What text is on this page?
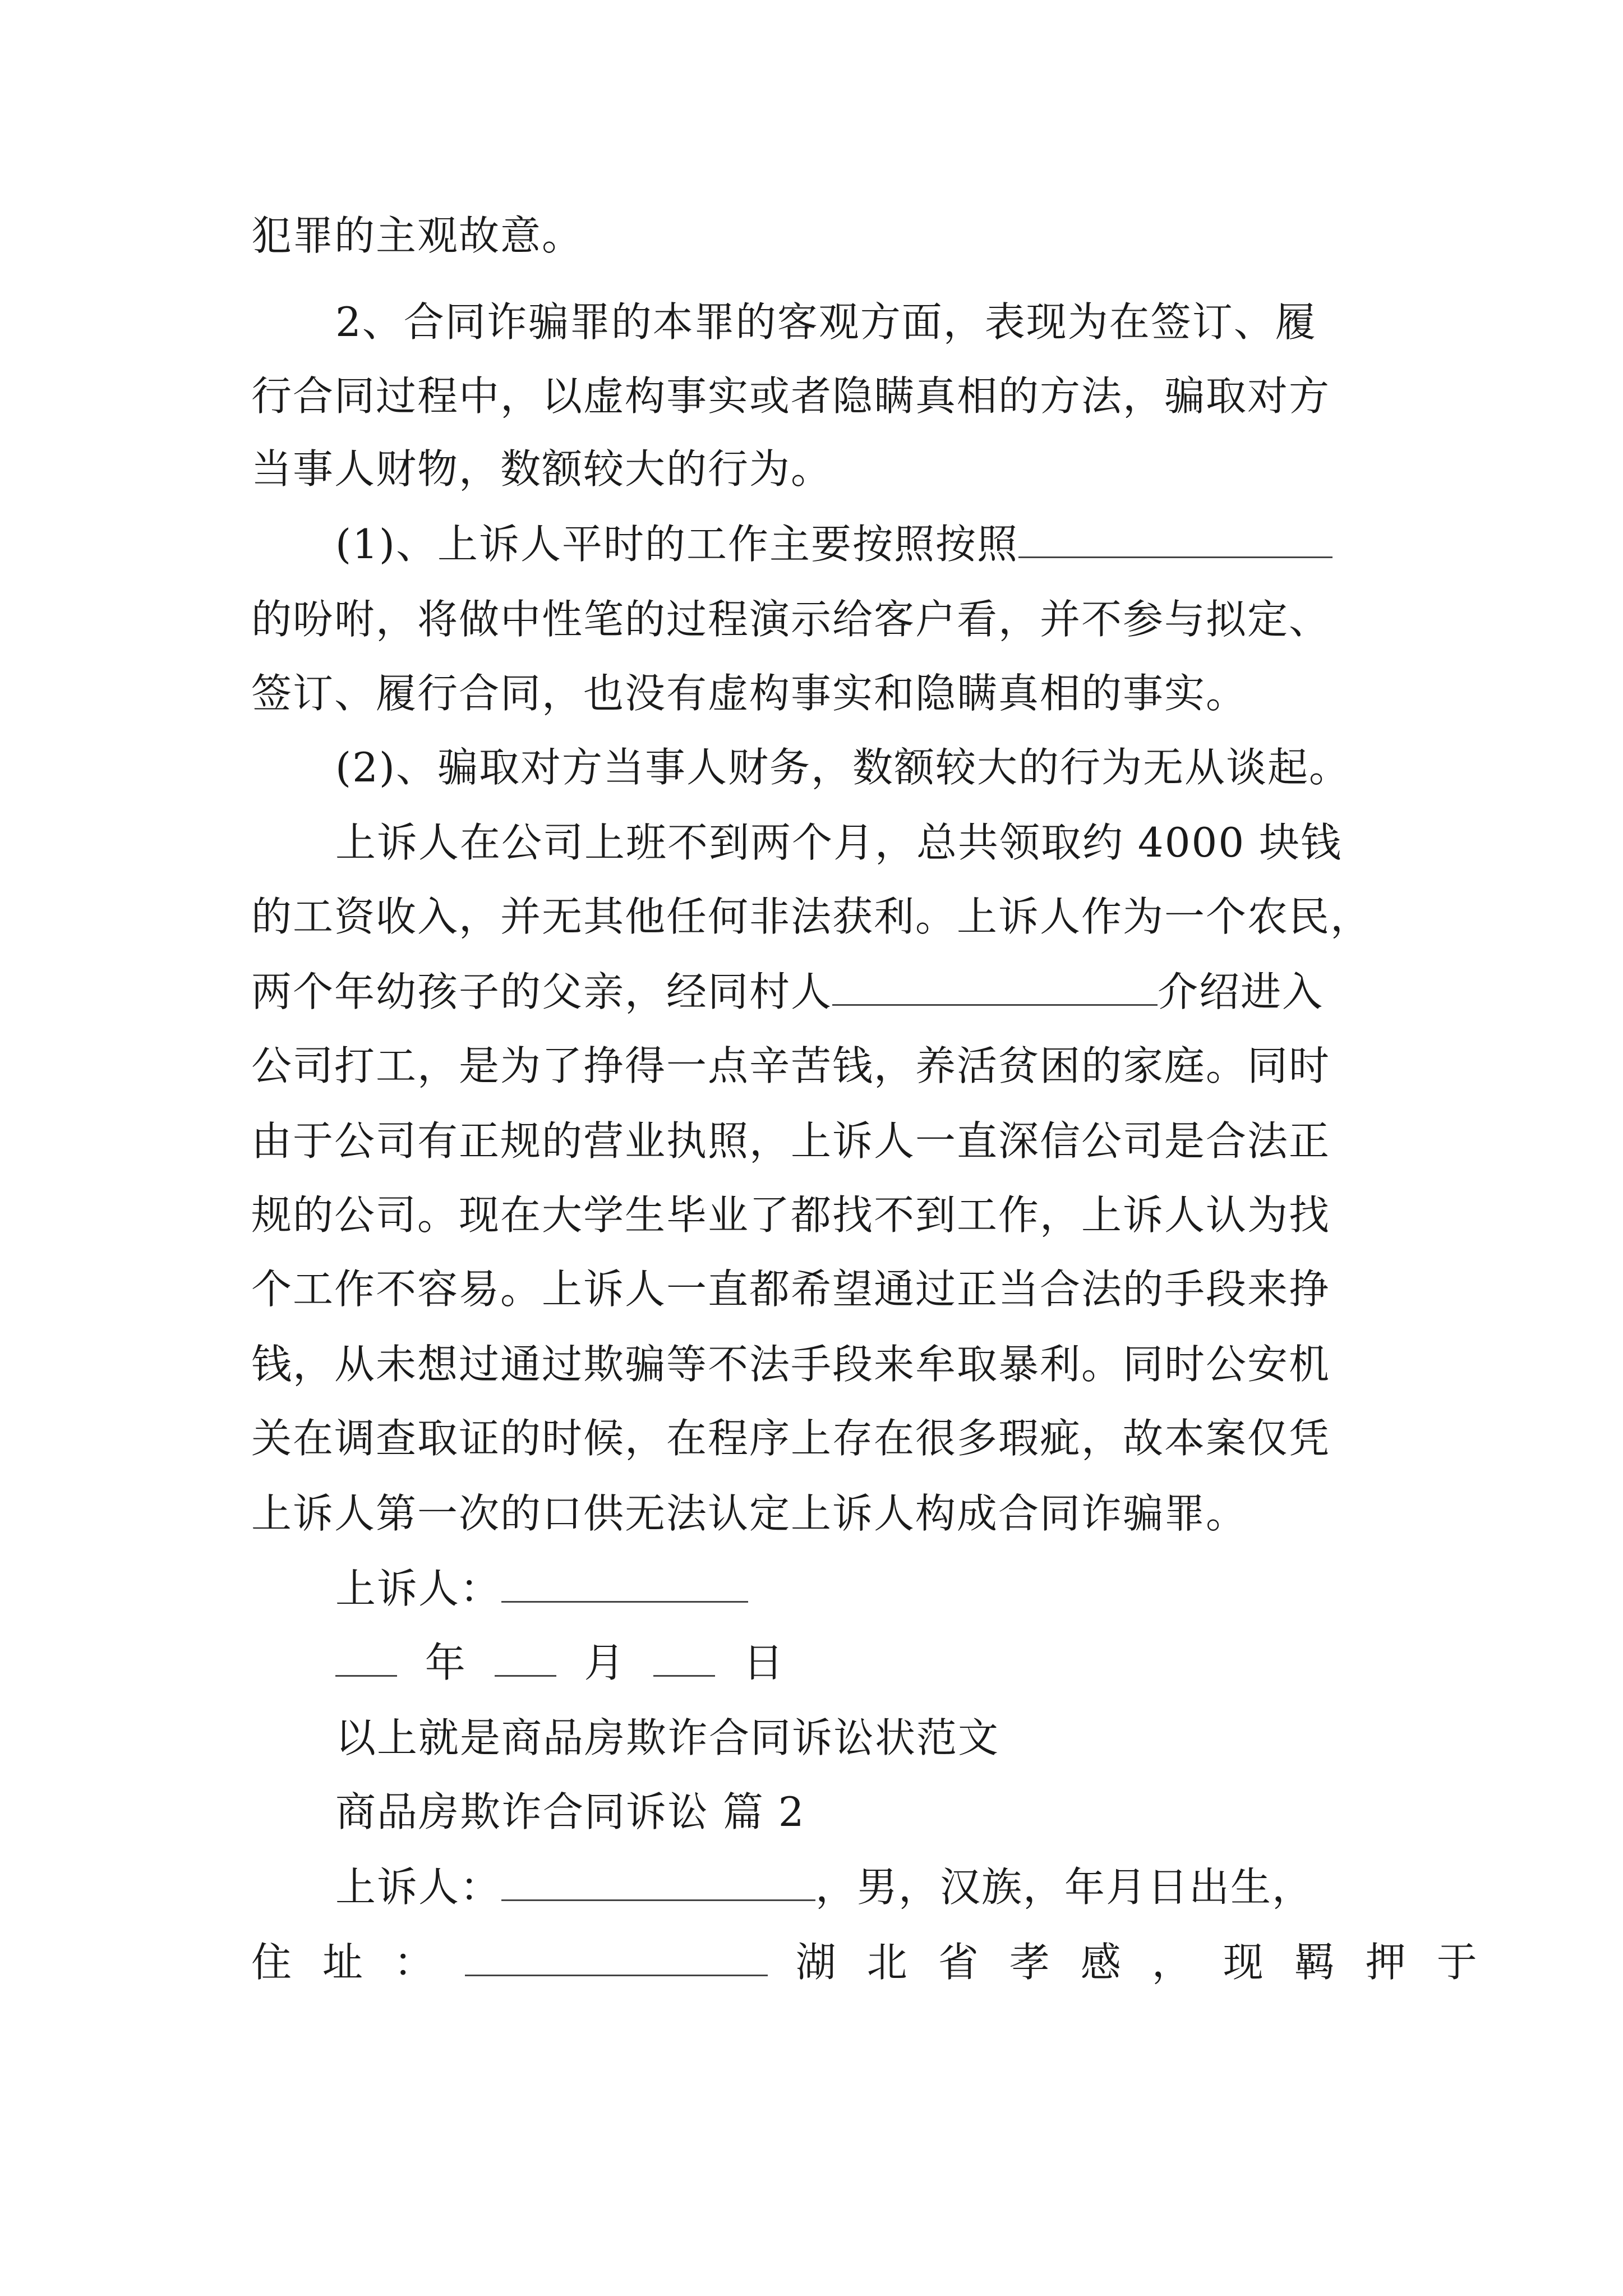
犯罪的主观故意。
2、合同诈骗罪的本罪的客观方面，表现为在签订、履
行合同过程中，以虚构事实或者隐瞒真相的方法，骗取对方
当事人财物，数额较大的行为。
(1)、上诉人平时的工作主要按照按照
的吩咐，将做中性笔的过程演示给客户看，并不参与拟定、
签订、履行合同，也没有虚构事实和隐瞒真相的事实。
(2)、骗取对方当事人财务，数额较大的行为无从谈起。
上诉人在公司上班不到两个月，总共领取约 4000 块钱
的工资收入，并无其他任何非法获利。上诉人作为一个农民，
两个年幼孩子的父亲，经同村人	介绍进入
公司打工，是为了挣得一点辛苦钱，养活贫困的家庭。同时
由于公司有正规的营业执照，上诉人一直深信公司是合法正
规的公司。现在大学生毕业了都找不到工作，上诉人认为找
个工作不容易。上诉人一直都希望通过正当合法的手段来挣
钱，从未想过通过欺骗等不法手段来牟取暴利。同时公安机
关在调查取证的时候，在程序上存在很多瑕疵，故本案仅凭
上诉人第一次的口供无法认定上诉人构成合同诈骗罪。
上诉人：
年	月	日
以上就是商品房欺诈合同诉讼状范文
商品房欺诈合同诉讼 篇 2
上诉人：	，男，汉族，年月日出生，
住址：	湖北省孝感，现羁押于
